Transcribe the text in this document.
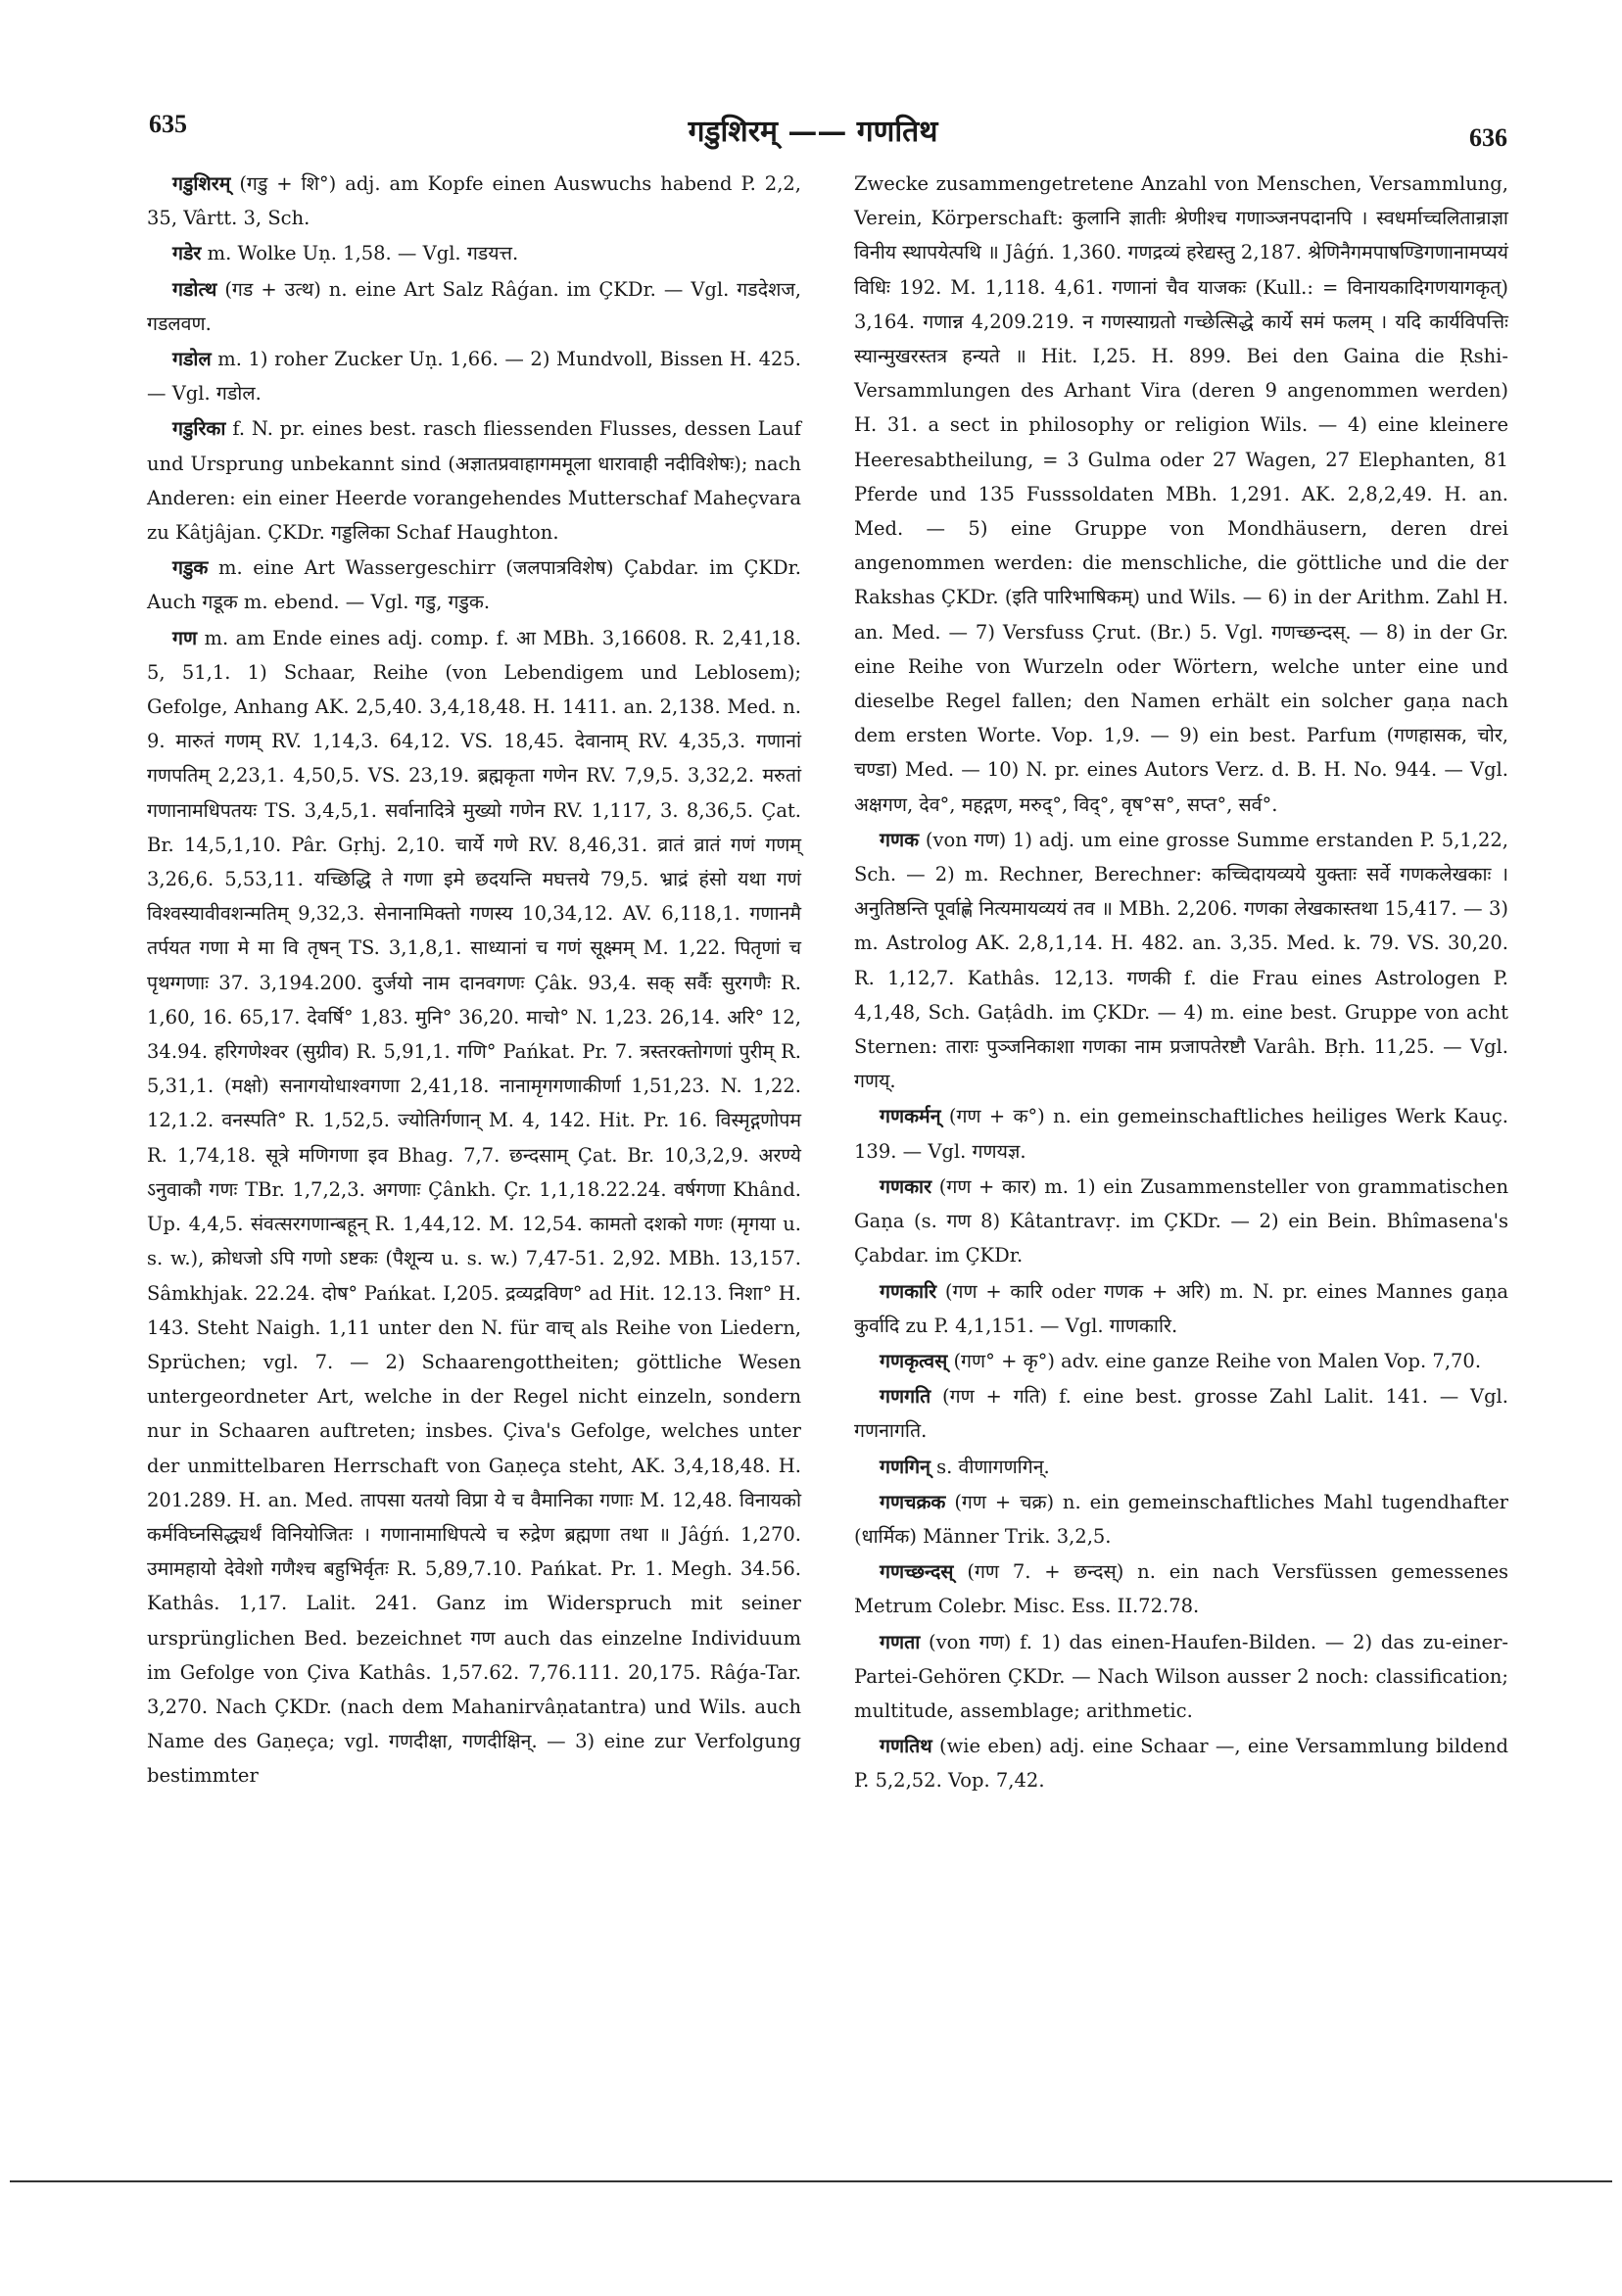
635	गडुशिरम् —— गणतिथ	636

गडुशिरम् (गडु + शि°) adj. am Kopfe einen Auswuchs habend P. 2,2, 35, Vârtt. 3, Sch.

गडेर m. Wolke Uṇ. 1,58. — Vgl. गडयत्त.

गडोत्थ (गड + उत्थ) n. eine Art Salz Râǵan. im ÇKDr. — Vgl. गडदेशज, गडलवण.

गडोल m. 1) roher Zucker Uṇ. 1,66. — 2) Mundvoll, Bissen H. 425. — Vgl. गडोल.

गडुरिका f. N. pr. eines best. rasch fliessenden Flusses, dessen Lauf und Ursprung unbekannt sind (अज्ञातप्रवाहागममूला धारावाही नदीविशेषः); nach Anderen: ein einer Heerde vorangehendes Mutterschaf Maheçvara zu Kâtjâjan. ÇKDr. गड्डलिका Schaf Haughton.

गडुक m. eine Art Wassergeschirr (जलपात्रविशेष) Çabdar. im ÇKDr. Auch गडूक m. ebend. — Vgl. गडु, गडुक.

गण m. am Ende eines adj. comp. f. आ MBh. 3,16608. R. 2,41,18. 5, 51,1. 1) Schaar, Reihe (von Lebendigem und Leblosem); Gefolge, Anhang AK. 2,5,40. 3,4,18,48. H. 1411. an. 2,138. Med. n. 9. मारुतं गणम् RV. 1,14,3. 64,12. VS. 18,45. देवानाम् RV. 4,35,3. गणानां गणपतिम् 2,23,1. 4,50,5. VS. 23,19. ब्रह्मकृता गणेन RV. 7,9,5. 3,32,2. मरुतां गणानामधिपतयः TS. 3,4,5,1. सर्वानादित्रे मुख्यो गणेन RV. 1,117, 3. 8,36,5. Çat. Br. 14,5,1,10. Pâr. Gṛhj. 2,10. चार्ये गणे RV. 8,46,31. व्रातं व्रातं गणं गणम् 3,26,6. 5,53,11. यच्छिद्धि ते गणा इमे छदयन्ति मघत्तये 79,5. भ्राद्रं हंसो यथा गणं विश्वस्यावीवशन्मतिम् 9,32,3. सेनानामिक्तो गणस्य 10,34,12. AV. 6,118,1. गणानमै तर्पयत गणा मे मा वि तृषन् TS. 3,1,8,1. साध्यानां च गणं सूक्ष्मम् M. 1,22. पितृणां च पृथग्गणाः 37. 3,194.200. दुर्जयो नाम दानवगणः Çâk. 93,4. सक् सर्वैः सुरगणैः R. 1,60, 16. 65,17. देवर्षि° 1,83. मुनि° 36,20. माचो° N. 1,23. 26,14. अरि° 12, 34.94. हरिगणेश्वर (सुग्रीव) R. 5,91,1. गणि° Pańkat. Pr. 7. त्रस्तरक्तोगणां पुरीम् R. 5,31,1. (मक्षो) सनागयोधाश्वगणा 2,41,18. नानामृगगणाकीर्णा 1,51,23. N. 1,22. 12,1.2. वनस्पति° R. 1,52,5. ज्योतिर्गणान् M. 4, 142. Hit. Pr. 16. विस्मृद्गणोपम R. 1,74,18. सूत्रे मणिगणा इव Bhag. 7,7. छन्दसाम् Çat. Br. 10,3,2,9. अरण्ये ऽनुवाकौ गणः TBr. 1,7,2,3. अगणाः Çânkh. Çr. 1,1,18.22.24. वर्षगणा Khând. Up. 4,4,5. संवत्सरगणान्बहून् R. 1,44,12. M. 12,54. कामतो दशको गणः (मृगया u. s. w.), क्रोधजो ऽपि गणो ऽष्टकः (पैशून्य u. s. w.) 7,47-51. 2,92. MBh. 13,157. Sâmkhjak. 22.24. दोष° Pańkat. I,205. द्रव्यद्रविण° ad Hit. 12.13. निशा° H. 143. Steht Naigh. 1,11 unter den N. für वाच् als Reihe von Liedern, Sprüchen; vgl. 7. — 2) Schaarengottheiten; göttliche Wesen untergeordneter Art, welche in der Regel nicht einzeln, sondern nur in Schaaren auftreten; insbes. Çiva's Gefolge, welches unter der unmittelbaren Herrschaft von Gaṇeça steht, AK. 3,4,18,48. H. 201.289. H. an. Med. तापसा यतयो विप्रा ये च वैमानिका गणाः M. 12,48. विनायको कर्मविघ्नसिद्ध्यर्थं विनियोजितः । गणानामाधिपत्ये च रुद्रेण ब्रह्मणा तथा ॥ Jâǵń. 1,270. उमामहायो देवेशो गणैश्च बहुभिर्वृतः R. 5,89,7.10. Pańkat. Pr. 1. Megh. 34.56. Kathâs. 1,17. Lalit. 241. Ganz im Widerspruch mit seiner ursprünglichen Bed. bezeichnet गण auch das einzelne Individuum im Gefolge von Çiva Kathâs. 1,57.62. 7,76.111. 20,175. Râǵa-Tar. 3,270. Nach ÇKDr. (nach dem Mahanirvâṇatantra) und Wils. auch Name des Gaṇeça; vgl. गणदीक्षा, गणदीक्षिन्. — 3) eine zur Verfolgung bestimmter

Zwecke zusammengetretene Anzahl von Menschen, Versammlung, Verein, Körperschaft: कुलानि ज्ञातीः श्रेणीश्च गणाञ्जनपदानपि । स्वधर्माच्चलितान्राज्ञा विनीय स्थापयेत्पथि ॥ Jâǵń. 1,360. गणद्रव्यं हरेद्यस्तु 2,187. श्रेणिनैगमपाषण्डिगणानामप्ययं विधिः 192. M. 1,118. 4,61. गणानां चैव याजकः (Kull.: = विनायकादिगणयागकृत्) 3,164. गणान्न 4,209.219. न गणस्याग्रतो गच्छेत्सिद्धे कार्ये समं फलम् । यदि कार्यविपत्तिः स्यान्मुखरस्तत्र हन्यते ॥ Hit. I,25. H. 899. Bei den Gaina die Ṛshi-Versammlungen des Arhant Vira (deren 9 angenommen werden) H. 31. a sect in philosophy or religion Wils. — 4) eine kleinere Heeresabtheilung, = 3 Gulma oder 27 Wagen, 27 Elephanten, 81 Pferde und 135 Fusssoldaten MBh. 1,291. AK. 2,8,2,49. H. an. Med. — 5) eine Gruppe von Mondhäusern, deren drei angenommen werden: die menschliche, die göttliche und die der Rakshas ÇKDr. (इति पारिभाषिकम्) und Wils. — 6) in der Arithm. Zahl H. an. Med. — 7) Versfuss Çrut. (Br.) 5. Vgl. गणच्छन्दस्. — 8) in der Gr. eine Reihe von Wurzeln oder Wörtern, welche unter eine und dieselbe Regel fallen; den Namen erhält ein solcher gaṇa nach dem ersten Worte. Vop. 1,9. — 9) ein best. Parfum (गणहासक, चोर, चण्डा) Med. — 10) N. pr. eines Autors Verz. d. B. H. No. 944. — Vgl. अक्षगण, देव°, महद्गण, मरुद्°, विद्°, वृष°स°, सप्त°, सर्व°.

गणक (von गण) 1) adj. um eine grosse Summe erstanden P. 5,1,22, Sch. — 2) m. Rechner, Berechner: कच्चिदायव्यये युक्ताः सर्वे गणकलेखकाः । अनुतिष्ठन्ति पूर्वाह्णे नित्यमायव्ययं तव ॥ MBh. 2,206. गणका लेखकास्तथा 15,417. — 3) m. Astrolog AK. 2,8,1,14. H. 482. an. 3,35. Med. k. 79. VS. 30,20. R. 1,12,7. Kathâs. 12,13. गणकी f. die Frau eines Astrologen P. 4,1,48, Sch. Gaṭâdh. im ÇKDr. — 4) m. eine best. Gruppe von acht Sternen: ताराः पुञ्जनिकाशा गणका नाम प्रजापतेरष्टौ Varâh. Bṛh. 11,25. — Vgl. गणय्.

गणकर्मन् (गण + क°) n. ein gemeinschaftliches heiliges Werk Kauç. 139. — Vgl. गणयज्ञ.

गणकार (गण + कार) m. 1) ein Zusammensteller von grammatischen Gaṇa (s. गण 8) Kâtantravṛ. im ÇKDr. — 2) ein Bein. Bhîmasena's Çabdar. im ÇKDr.

गणकारि (गण + कारि oder गणक + अरि) m. N. pr. eines Mannes gaṇa कुर्वादि zu P. 4,1,151. — Vgl. गाणकारि.

गणकृत्वस् (गण° + कृ°) adv. eine ganze Reihe von Malen Vop. 7,70.

गणगति (गण + गति) f. eine best. grosse Zahl Lalit. 141. — Vgl. गणनागति.

गणगिन् s. वीणागणगिन्.

गणचक्रक (गण + चक्र) n. ein gemeinschaftliches Mahl tugendhafter (धार्मिक) Männer Trik. 3,2,5.

गणच्छन्दस् (गण 7. + छन्दस्) n. ein nach Versfüssen gemessenes Metrum Colebr. Misc. Ess. II.72.78.

गणता (von गण) f. 1) das einen-Haufen-Bilden. — 2) das zu-einer-Partei-Gehören ÇKDr. — Nach Wilson ausser 2 noch: classification; multitude, assemblage; arithmetic.

गणतिथ (wie eben) adj. eine Schaar —, eine Versammlung bildend P. 5,2,52. Vop. 7,42.
